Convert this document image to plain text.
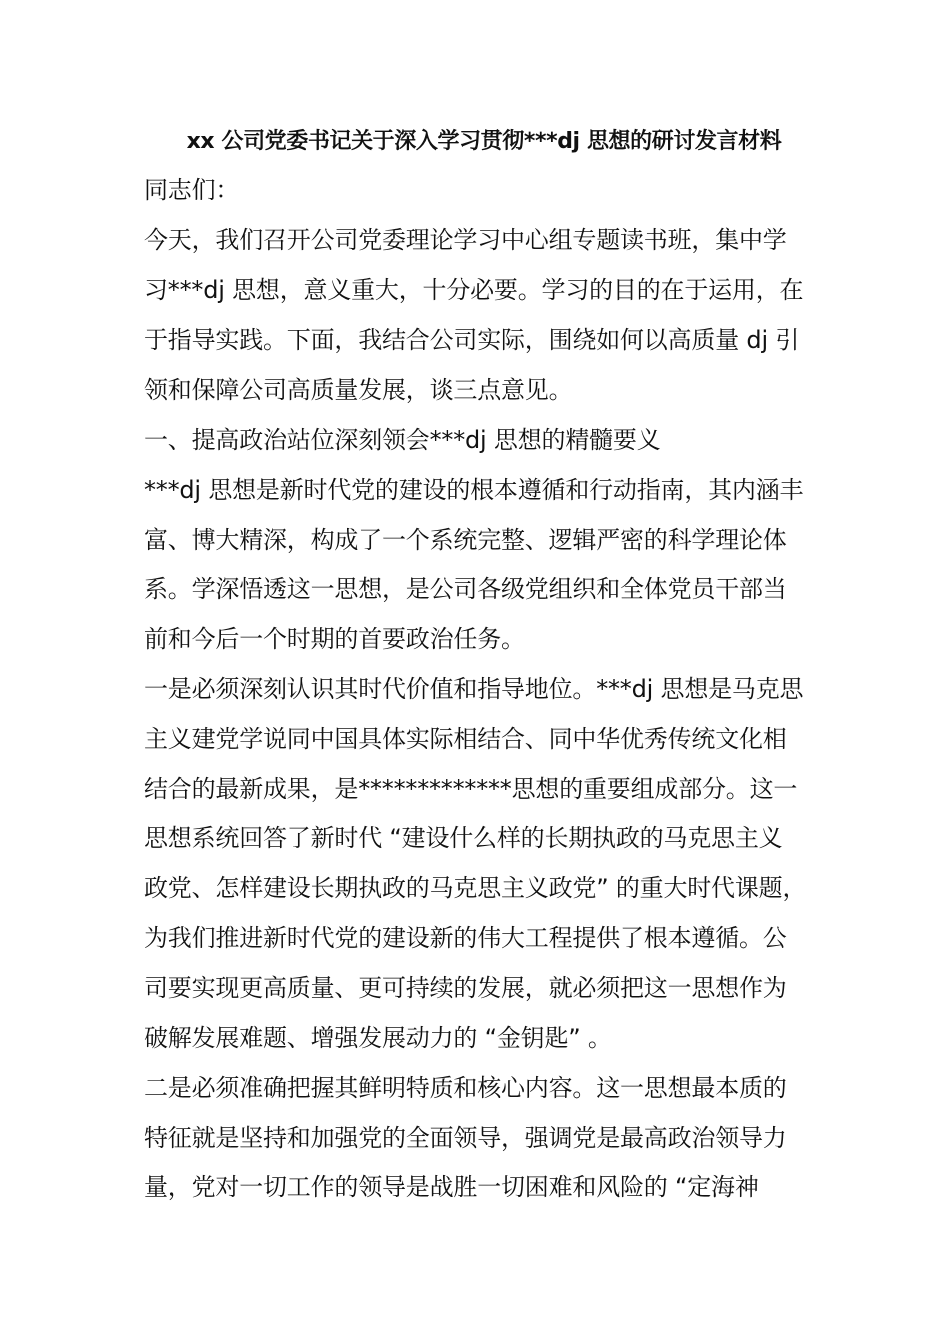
xx 公司党委书记关于深入学习贯彻***dj 思想的研讨发言材料
同志们：
今天，我们召开公司党委理论学习中心组专题读书班，集中学
习***dj 思想，意义重大，十分必要。学习的目的在于运用，在
于指导实践。下面，我结合公司实际，围绕如何以高质量 dj 引
领和保障公司高质量发展，谈三点意见。
一、提高政治站位深刻领会***dj 思想的精髓要义
***dj 思想是新时代党的建设的根本遵循和行动指南，其内涵丰
富、博大精深，构成了一个系统完整、逻辑严密的科学理论体
系。学深悟透这一思想，是公司各级党组织和全体党员干部当
前和今后一个时期的首要政治任务。
一是必须深刻认识其时代价值和指导地位。***dj 思想是马克思
主义建党学说同中国具体实际相结合、同中华优秀传统文化相
结合的最新成果，是*************思想的重要组成部分。这一
思想系统回答了新时代 “建设什么样的长期执政的马克思主义
政党、怎样建设长期执政的马克思主义政党” 的重大时代课题，
为我们推进新时代党的建设新的伟大工程提供了根本遵循。公
司要实现更高质量、更可持续的发展，就必须把这一思想作为
破解发展难题、增强发展动力的 “金钥匙” 。
二是必须准确把握其鲜明特质和核心内容。这一思想最本质的
特征就是坚持和加强党的全面领导，强调党是最高政治领导力
量，党对一切工作的领导是战胜一切困难和风险的 “定海神
